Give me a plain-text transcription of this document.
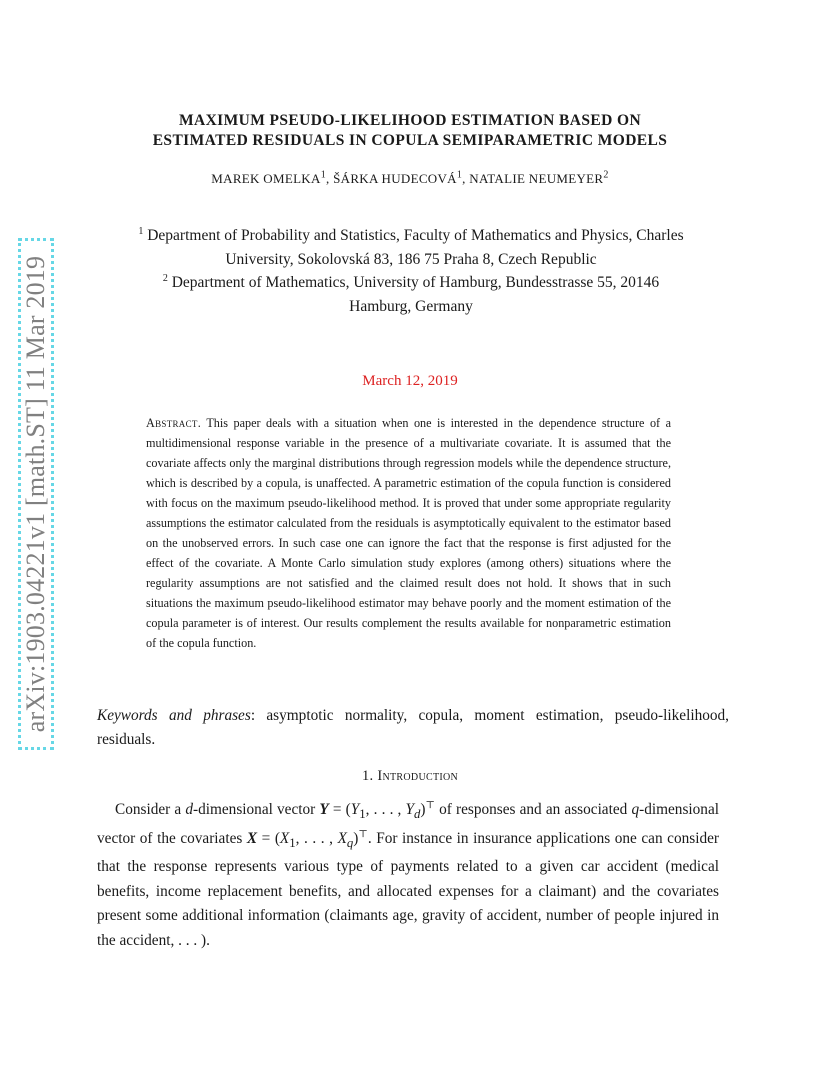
arXiv:1903.04221v1 [math.ST] 11 Mar 2019
MAXIMUM PSEUDO-LIKELIHOOD ESTIMATION BASED ON
ESTIMATED RESIDUALS IN COPULA SEMIPARAMETRIC MODELS
MAREK OMELKA$^1$, ŠÁRKA HUDECOVÁ$^1$, NATALIE NEUMEYER$^2$
$^1$ Department of Probability and Statistics, Faculty of Mathematics and Physics, Charles
University, Sokolovská 83, 186 75 Praha 8, Czech Republic
$^2$ Department of Mathematics, University of Hamburg, Bundesstrasse 55, 20146
Hamburg, Germany
March 12, 2019
Abstract. This paper deals with a situation when one is interested in the dependence structure of a multidimensional response variable in the presence of a multivariate covariate. It is assumed that the covariate affects only the marginal distributions through regression models while the dependence structure, which is described by a copula, is unaffected. A parametric estimation of the copula function is considered with focus on the maximum pseudo-likelihood method. It is proved that under some appropriate regularity assumptions the estimator calculated from the residuals is asymptotically equivalent to the estimator based on the unobserved errors. In such case one can ignore the fact that the response is first adjusted for the effect of the covariate. A Monte Carlo simulation study explores (among others) situations where the regularity assumptions are not satisfied and the claimed result does not hold. It shows that in such situations the maximum pseudo-likelihood estimator may behave poorly and the moment estimation of the copula parameter is of interest. Our results complement the results available for nonparametric estimation of the copula function.
Keywords and phrases: asymptotic normality, copula, moment estimation, pseudo-likelihood, residuals.
1. Introduction

Consider a d-dimensional vector $Y = (Y_1$, . . . , $Y_d)^⊤$ of responses and an associated q-dimensional vector of the covariates $X = (X_1$, . . . , $X_q)^⊤$. For instance in insurance applications one can consider that the response represents various type of payments related to a given car accident (medical benefits, income replacement benefits, and allocated expenses for a claimant) and the covariates present some additional information (claimants age, gravity of accident, number of people injured in the accident, . . . ).
